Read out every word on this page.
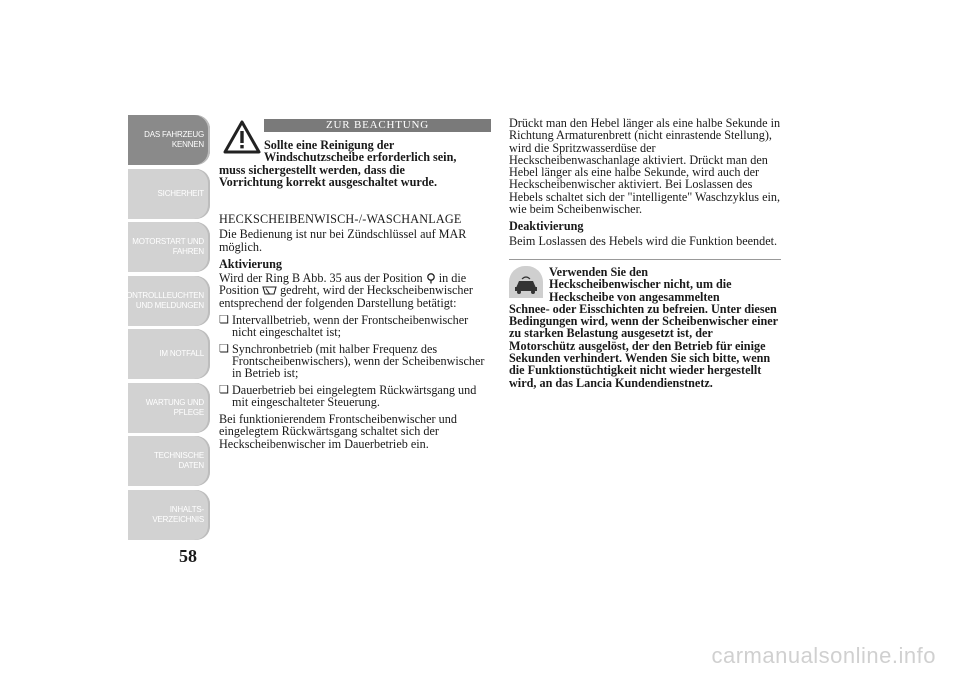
DAS FAHRZEUG
KENNEN
SICHERHEIT
MOTORSTART UND
FAHREN
KONTROLLLEUCHTEN
UND MELDUNGEN
IM NOTFALL
WARTUNG UND
PFLEGE
TECHNISCHE
DATEN
INHALTS-
VERZEICHNIS
58
ZUR BEACHTUNG
Sollte eine Reinigung der
Windschutzscheibe erforderlich sein,
muss sichergestellt werden, dass die
Vorrichtung korrekt ausgeschaltet wurde.

HECKSCHEIBENWISCH-/-WASCHANLAGE

Die Bedienung ist nur bei Zündschlüssel auf MAR möglich.

Aktivierung

Wird der Ring B Abb. 35 aus der Position  in die Position  gedreht, wird der Heckscheibenwischer entsprechend der folgenden Darstellung betätigt:

❏ Intervallbetrieb, wenn der Frontscheibenwischer nicht eingeschaltet ist;
❏ Synchronbetrieb (mit halber Frequenz des Frontscheibenwischers), wenn der Scheibenwischer in Betrieb ist;
❏ Dauerbetrieb bei eingelegtem Rückwärtsgang und mit eingeschalteter Steuerung.

Bei funktionierendem Frontscheibenwischer und eingelegtem Rückwärtsgang schaltet sich der Heckscheibenwischer im Dauerbetrieb ein.

Drückt man den Hebel länger als eine halbe Sekunde in Richtung Armaturenbrett (nicht einrastende Stellung), wird die Spritzwasserdüse der Heckscheibenwaschanlage aktiviert. Drückt man den Hebel länger als eine halbe Sekunde, wird auch der Heckscheibenwischer aktiviert. Bei Loslassen des Hebels schaltet sich der "intelligente" Waschzyklus ein, wie beim Scheibenwischer.

Deaktivierung

Beim Loslassen des Hebels wird die Funktion beendet.

Verwenden Sie den
Heckscheibenwischer nicht, um die
Heckscheibe von angesammelten
Schnee- oder Eisschichten zu befreien. Unter diesen Bedingungen wird, wenn der Scheibenwischer einer zu starken Belastung ausgesetzt ist, der Motorschütz ausgelöst, der den Betrieb für einige Sekunden verhindert. Wenden Sie sich bitte, wenn die Funktionstüchtigkeit nicht wieder hergestellt wird, an das Lancia Kundendienstnetz.
carmanualsonline.info
